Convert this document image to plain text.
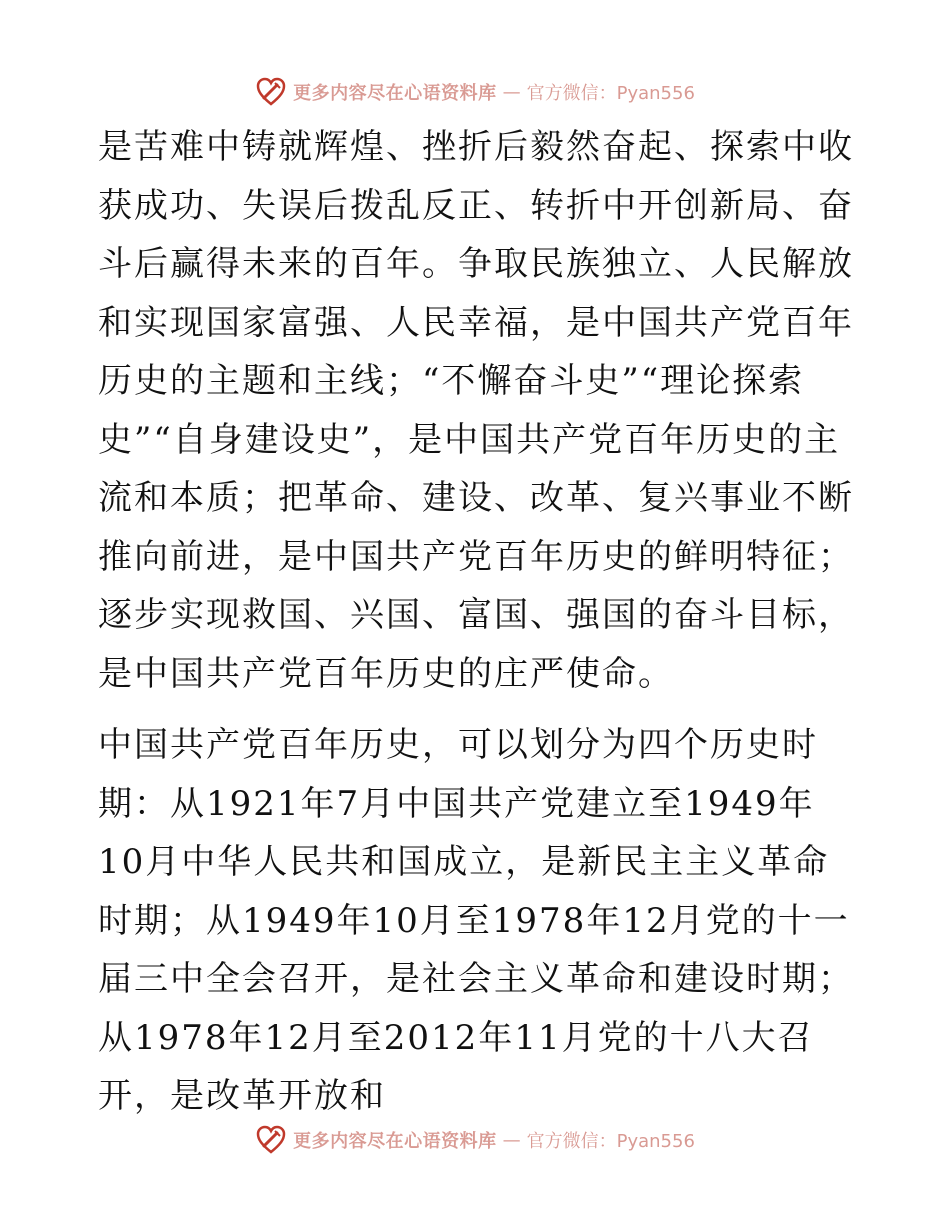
更多内容尽在心语资料库 — 官方微信：Pyan556

是苦难中铸就辉煌、挫折后毅然奋起、探索中收获成功、失误后拨乱反正、转折中开创新局、奋斗后赢得未来的百年。争取民族独立、人民解放和实现国家富强、人民幸福，是中国共产党百年历史的主题和主线；“不懈奋斗史”“理论探索史”“自身建设史”，是中国共产党百年历史的主流和本质；把革命、建设、改革、复兴事业不断推向前进，是中国共产党百年历史的鲜明特征；逐步实现救国、兴国、富国、强国的奋斗目标，是中国共产党百年历史的庄严使命。

中国共产党百年历史，可以划分为四个历史时期：从1921年7月中国共产党建立至1949年10月中华人民共和国成立，是新民主主义革命时期；从1949年10月至1978年12月党的十一届三中全会召开，是社会主义革命和建设时期；从1978年12月至2012年11月党的十八大召开，是改革开放和

更多内容尽在心语资料库 — 官方微信：Pyan556
